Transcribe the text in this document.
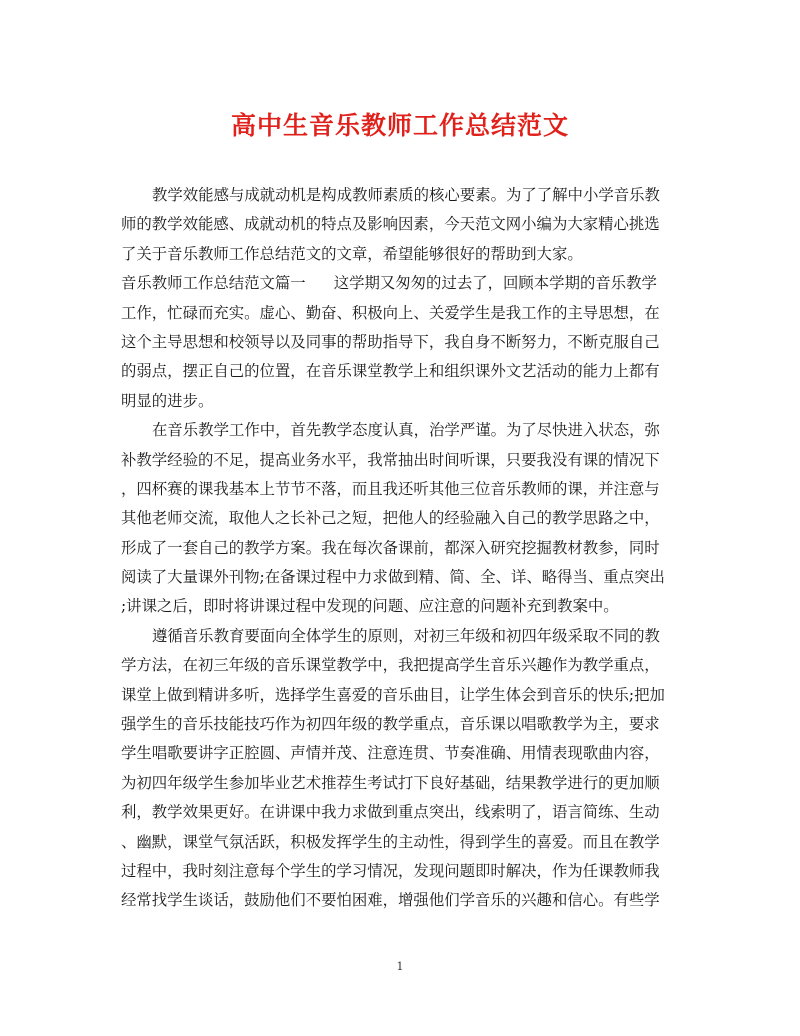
高中生音乐教师工作总结范文
教学效能感与成就动机是构成教师素质的核心要素。为了了解中小学音乐教
师的教学效能感、成就动机的特点及影响因素，今天范文网小编为大家精心挑选
了关于音乐教师工作总结范文的文章，希望能够很好的帮助到大家。
音乐教师工作总结范文篇一 这学期又匆匆的过去了，回顾本学期的音乐教学
工作，忙碌而充实。虚心、勤奋、积极向上、关爱学生是我工作的主导思想，在
这个主导思想和校领导以及同事的帮助指导下，我自身不断努力，不断克服自己
的弱点，摆正自己的位置，在音乐课堂教学上和组织课外文艺活动的能力上都有
明显的进步。
在音乐教学工作中，首先教学态度认真，治学严谨。为了尽快进入状态，弥
补教学经验的不足，提高业务水平，我常抽出时间听课，只要我没有课的情况下
，四杯赛的课我基本上节节不落，而且我还听其他三位音乐教师的课，并注意与
其他老师交流，取他人之长补己之短，把他人的经验融入自己的教学思路之中，
形成了一套自己的教学方案。我在每次备课前，都深入研究挖掘教材教参，同时
阅读了大量课外刊物;在备课过程中力求做到精、简、全、详、略得当、重点突出
;讲课之后，即时将讲课过程中发现的问题、应注意的问题补充到教案中。
遵循音乐教育要面向全体学生的原则，对初三年级和初四年级采取不同的教
学方法，在初三年级的音乐课堂教学中，我把提高学生音乐兴趣作为教学重点，
课堂上做到精讲多听，选择学生喜爱的音乐曲目，让学生体会到音乐的快乐;把加
强学生的音乐技能技巧作为初四年级的教学重点，音乐课以唱歌教学为主，要求
学生唱歌要讲字正腔圆、声情并茂、注意连贯、节奏准确、用情表现歌曲内容，
为初四年级学生参加毕业艺术推荐生考试打下良好基础，结果教学进行的更加顺
利，教学效果更好。在讲课中我力求做到重点突出，线索明了，语言简练、生动
、幽默，课堂气氛活跃，积极发挥学生的主动性，得到学生的喜爱。而且在教学
过程中，我时刻注意每个学生的学习情况，发现问题即时解决，作为任课教师我
经常找学生谈话，鼓励他们不要怕困难，增强他们学音乐的兴趣和信心。有些学
1
